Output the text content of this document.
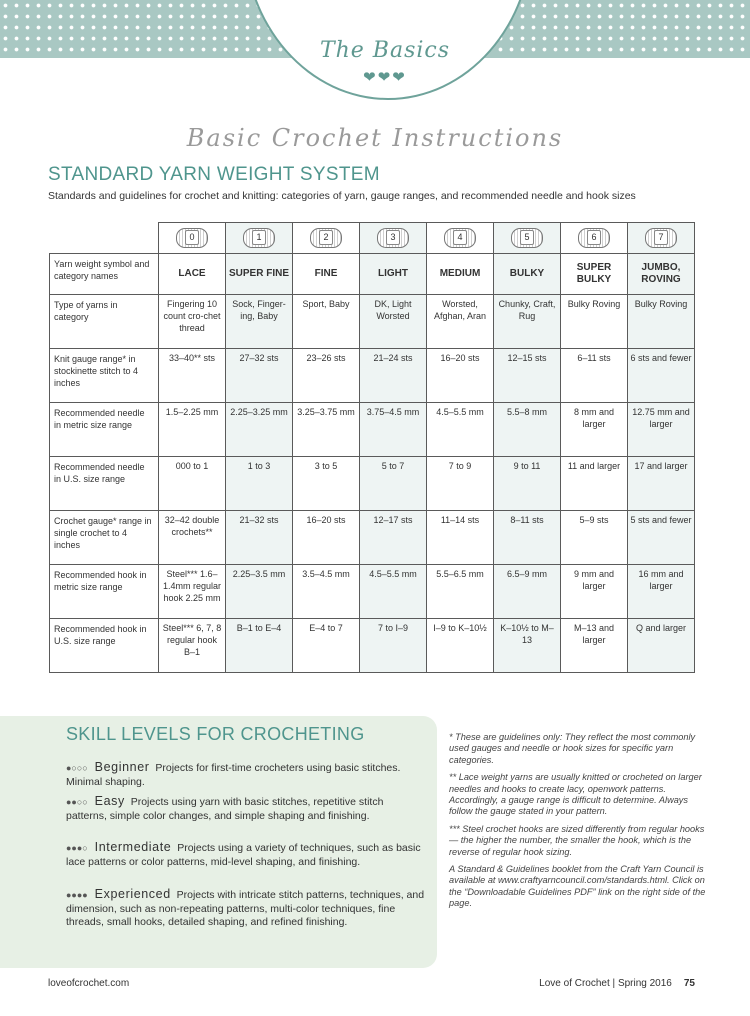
The Basics
❤❤❤
Basic Crochet Instructions
STANDARD YARN WEIGHT SYSTEM
Standards and guidelines for crochet and knitting: categories of yarn, gauge ranges, and recommended needle and hook sizes
	0	1	2	3	4	5	6	7
Yarn weight symbol and category names	LACE	SUPER FINE	FINE	LIGHT	MEDIUM	BULKY	SUPER BULKY	JUMBO, ROVING
Type of yarns in category	Fingering 10 count cro-chet thread	Sock, Finger-ing, Baby	Sport, Baby	DK, Light Worsted	Worsted, Afghan, Aran	Chunky, Craft, Rug	Bulky Roving	Bulky Roving
Knit gauge range* in stockinette stitch to 4 inches	33–40** sts	27–32 sts	23–26 sts	21–24 sts	16–20 sts	12–15 sts	6–11 sts	6 sts and fewer
Recommended needle in metric size range	1.5–2.25 mm	2.25–3.25 mm	3.25–3.75 mm	3.75–4.5 mm	4.5–5.5 mm	5.5–8 mm	8 mm and larger	12.75 mm and larger
Recommended needle in U.S. size range	000 to 1	1 to 3	3 to 5	5 to 7	7 to 9	9 to 11	11 and larger	17 and larger
Crochet gauge* range in single crochet to 4 inches	32–42 double crochets**	21–32 sts	16–20 sts	12–17 sts	11–14 sts	8–11 sts	5–9 sts	5 sts and fewer
Recommended hook in metric size range	Steel*** 1.6–1.4mm regular hook 2.25 mm	2.25–3.5 mm	3.5–4.5 mm	4.5–5.5 mm	5.5–6.5 mm	6.5–9 mm	9 mm and larger	16 mm and larger
Recommended hook in U.S. size range	Steel*** 6, 7, 8 regular hook B–1	B–1 to E–4	E–4 to 7	7 to I–9	I–9 to K–10½	K–10½ to M–13	M–13 and larger	Q and larger
SKILL LEVELS FOR CROCHETING
●○○○ Beginner Projects for first-time crocheters using basic stitches. Minimal shaping.
●●○○ Easy Projects using yarn with basic stitches, repetitive stitch patterns, simple color changes, and simple shaping and finishing.
●●●○ Intermediate Projects using a variety of techniques, such as basic lace patterns or color patterns, mid-level shaping, and finishing.
●●●● Experienced Projects with intricate stitch patterns, techniques, and dimension, such as non-repeating patterns, multi-color techniques, fine threads, small hooks, detailed shaping, and refined finishing.

* These are guidelines only: They reflect the most commonly used gauges and needle or hook sizes for specific yarn categories.

** Lace weight yarns are usually knitted or crocheted on larger needles and hooks to create lacy, openwork patterns. Accordingly, a gauge range is difficult to determine. Always follow the gauge stated in your pattern.

*** Steel crochet hooks are sized differently from regular hooks — the higher the number, the smaller the hook, which is the reverse of regular hook sizing.

A Standard & Guidelines booklet from the Craft Yarn Council is available at www.craftyarncouncil.com/standards.html. Click on the “Downloadable Guidelines PDF” link on the right side of the page.

loveofcrochet.com	Love of Crochet | Spring 2016 75
